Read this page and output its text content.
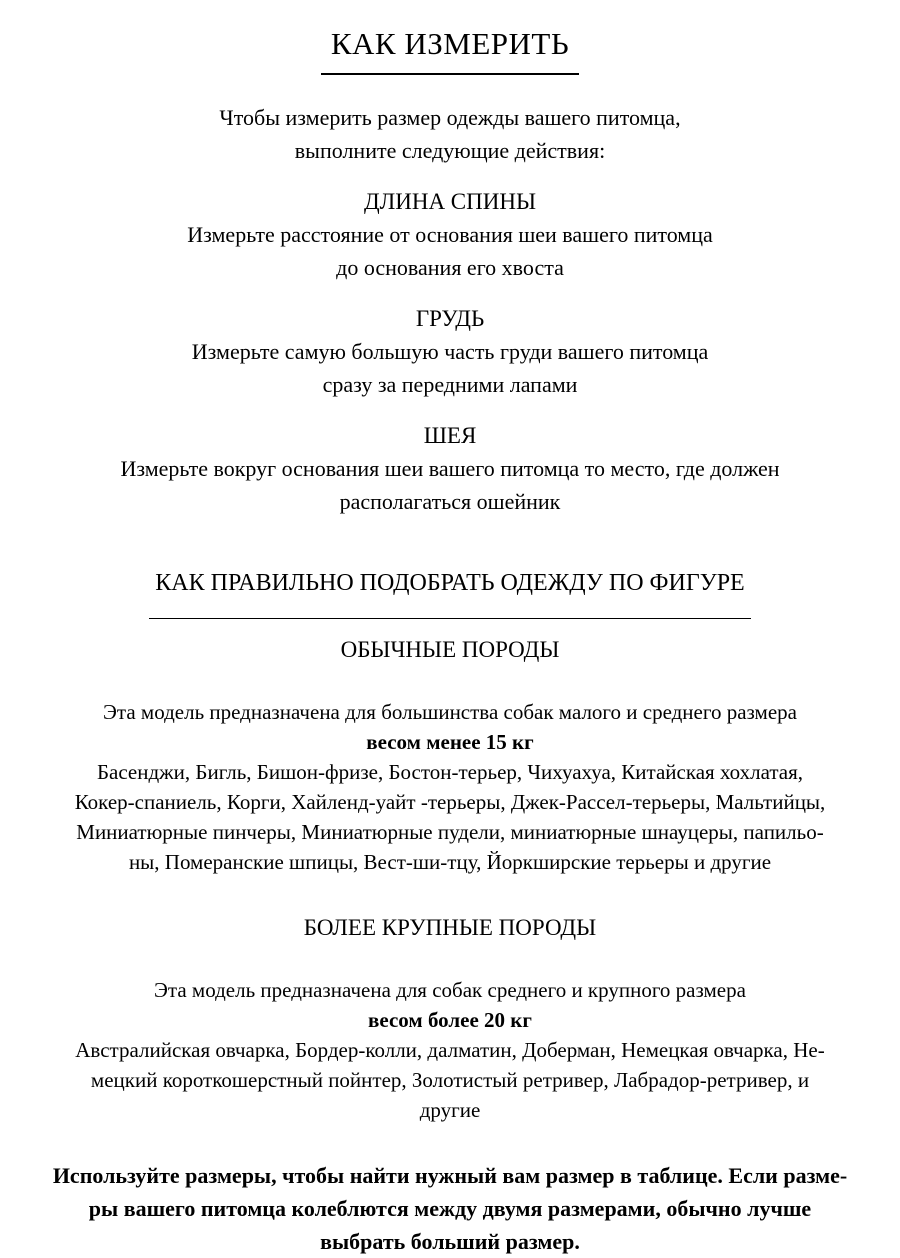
КАК ИЗМЕРИТЬ
Чтобы измерить размер одежды вашего питомца,
выполните следующие действия:
ДЛИНА СПИНЫ
Измерьте расстояние от основания шеи вашего питомца
до основания его хвоста
ГРУДЬ
Измерьте самую большую часть груди вашего питомца
сразу за передними лапами
ШЕЯ
Измерьте вокруг основания шеи вашего питомца то место, где должен
располагаться ошейник
КАК ПРАВИЛЬНО ПОДОБРАТЬ ОДЕЖДУ ПО ФИГУРЕ
ОБЫЧНЫЕ ПОРОДЫ
Эта модель предназначена для большинства собак малого и среднего размера
весом менее 15 кг
Басенджи, Бигль, Бишон-фризе, Бостон-терьер, Чихуахуа, Китайская хохлатая,
Кокер-спаниель, Корги, Хайленд-уайт -терьеры, Джек-Рассел-терьеры, Мальтийцы,
Миниатюрные пинчеры, Миниатюрные пудели, миниатюрные шнауцеры, папильо-
ны, Померанские шпицы, Вест-ши-тцу, Йоркширские терьеры и другие
БОЛЕЕ КРУПНЫЕ ПОРОДЫ
Эта модель предназначена для собак среднего и крупного размера
весом более 20 кг
Австралийская овчарка, Бордер-колли, далматин, Доберман, Немецкая овчарка, Не-
мецкий короткошерстный пойнтер, Золотистый ретривер, Лабрадор-ретривер, и
другие
Используйте размеры, чтобы найти нужный вам размер в таблице. Если разме-
ры вашего питомца колеблются между двумя размерами, обычно лучше
выбрать больший размер.
